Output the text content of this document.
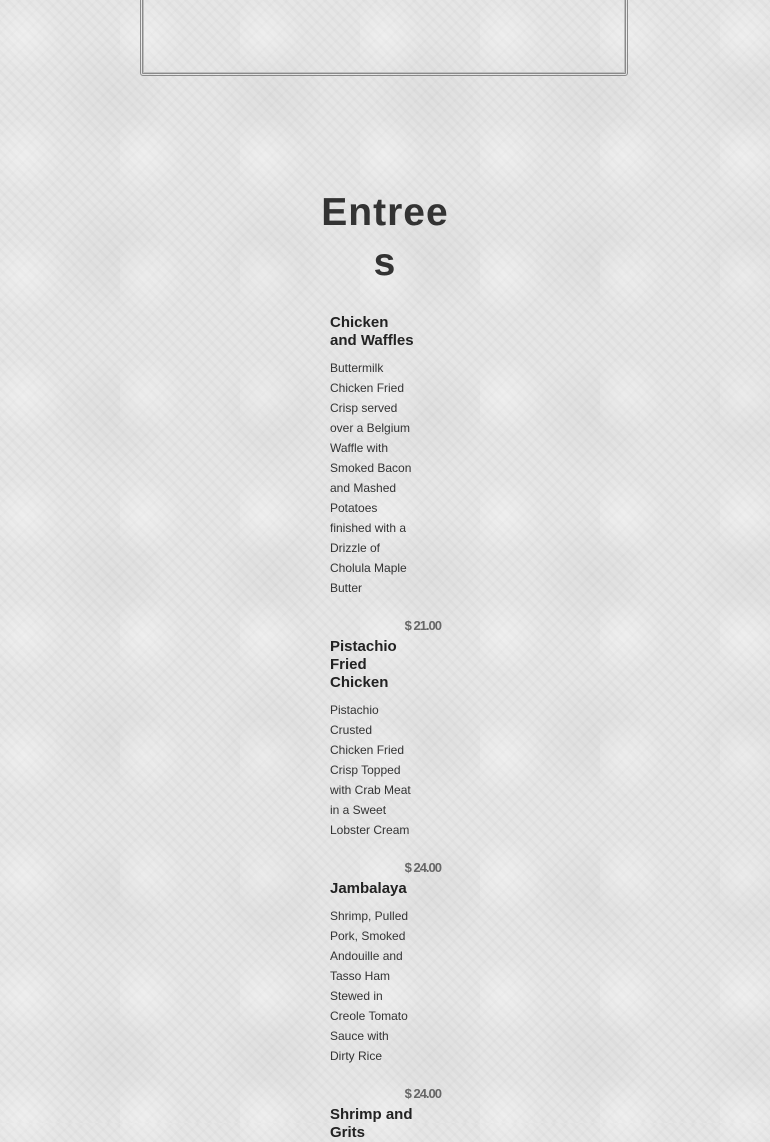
Entrees
Chicken and Waffles
Buttermilk Chicken Fried Crisp served over a Belgium Waffle with Smoked Bacon and Mashed Potatoes finished with a Drizzle of Cholula Maple Butter
$ 21.00
Pistachio Fried Chicken
Pistachio Crusted Chicken Fried Crisp Topped with Crab Meat in a Sweet Lobster Cream
$ 24.00
Jambalaya
Shrimp, Pulled Pork, Smoked Andouille and Tasso Ham Stewed in Creole Tomato Sauce with Dirty Rice
$ 24.00
Shrimp and Grits
